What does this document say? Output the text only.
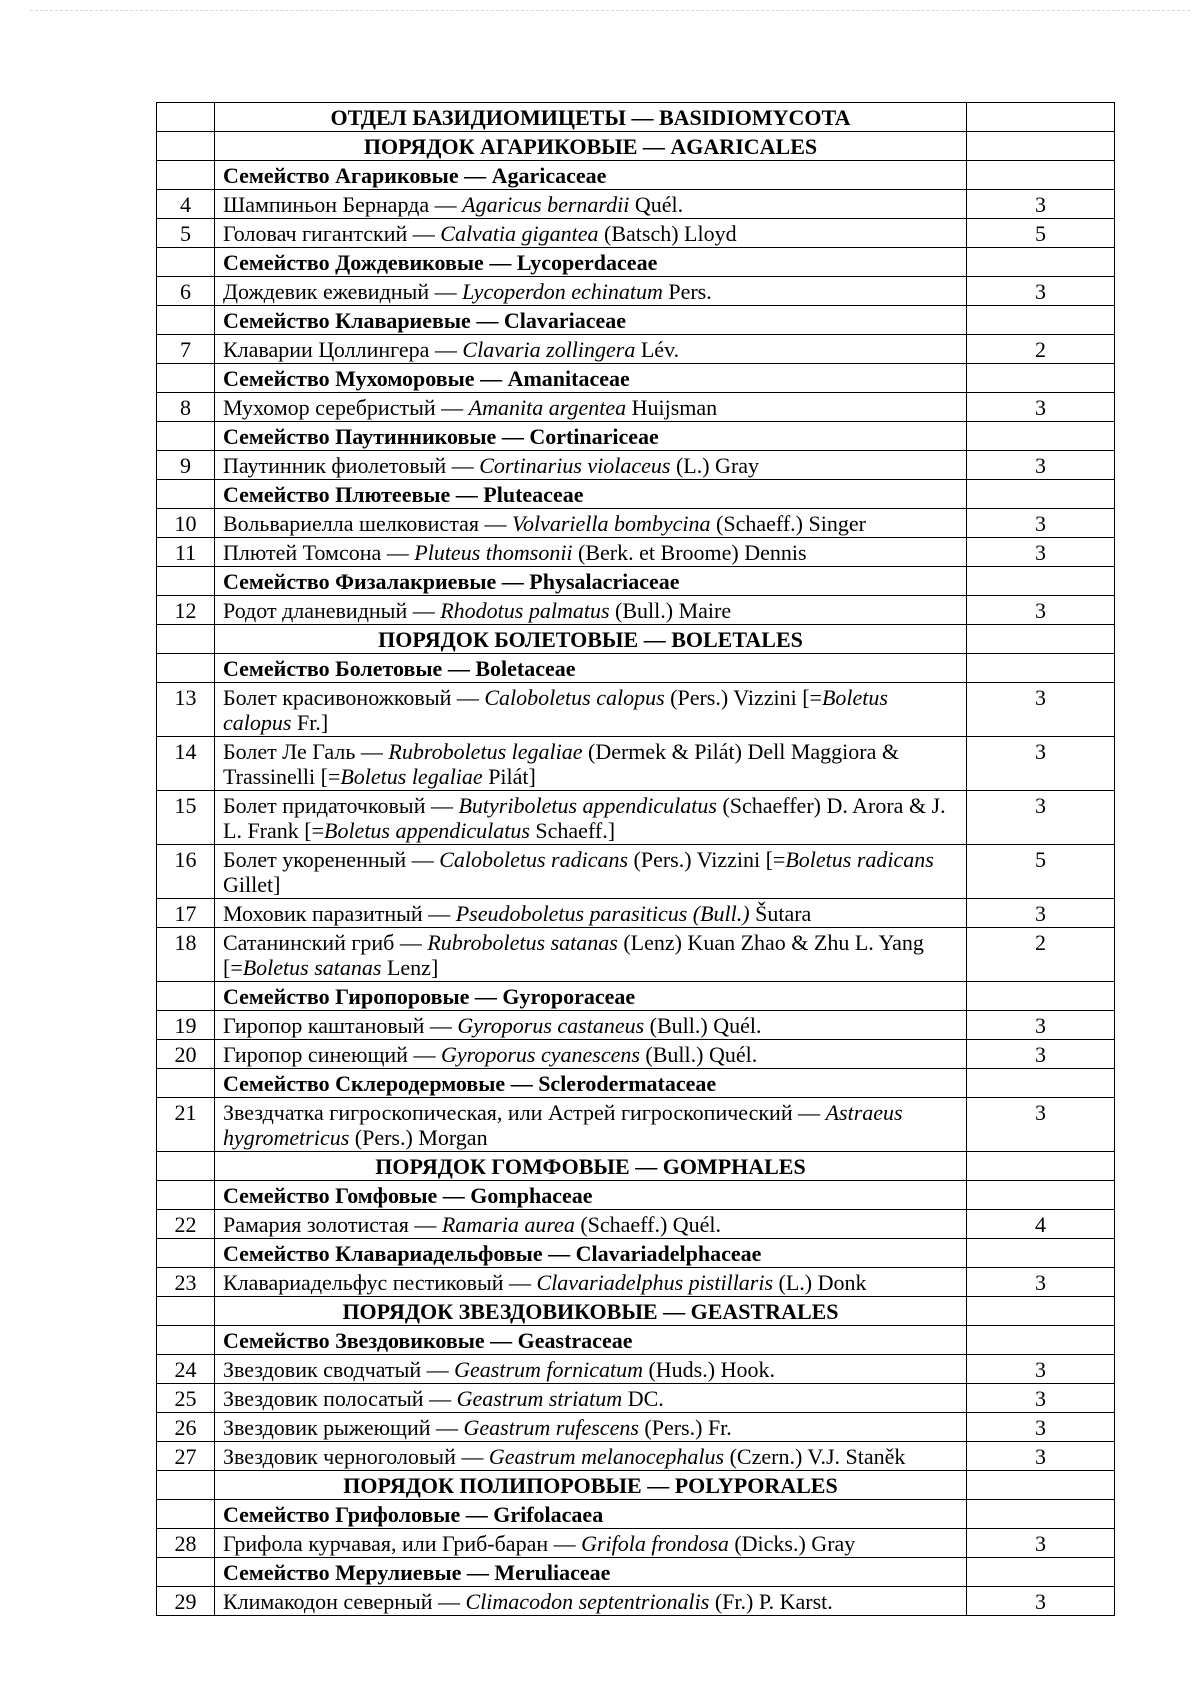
	ОТДЕЛ БАЗИДИОМИЦЕТЫ — BASIDIOMYCOTA	
	ПОРЯДОК АГАРИКОВЫЕ — AGARICALES	
	Семейство Агариковые — Agaricaceae	
4	Шампиньон Бернарда — Agaricus bernardii Quél.	3
5	Головач гигантский — Calvatia gigantea (Batsch) Lloyd	5
	Семейство Дождевиковые — Lycoperdaceae	
6	Дождевик ежевидный — Lycoperdon echinatum Pers.	3
	Семейство Клавариевые — Clavariaceae	
7	Клаварии Цоллингера — Clavaria zollingera Lév.	2
	Семейство Мухоморовые — Amanitaceae	
8	Мухомор серебристый — Amanita argentea Huijsman	3
	Семейство Паутинниковые — Cortinariceae	
9	Паутинник фиолетовый — Cortinarius violaceus (L.) Gray	3
	Семейство Плютеевые — Pluteaceae	
10	Вольвариелла шелковистая — Volvariella bombycina (Schaeff.) Singer	3
11	Плютей Томсона — Pluteus thomsonii (Berk. et Broome) Dennis	3
	Семейство Физалакриевые — Physalacriaceae	
12	Родот дланевидный — Rhodotus palmatus (Bull.) Maire	3
	ПОРЯДОК БОЛЕТОВЫЕ — BOLETALES	
	Семейство Болетовые — Boletaceae	
13	Болет красивоножковый — Caloboletus calopus (Pers.) Vizzini [=Boletus calopus Fr.]	3
14	Болет Ле Галь — Rubroboletus legaliae (Dermek & Pilát) Dell Maggiora & Trassinelli [=Boletus legaliae Pilát]	3
15	Болет придаточковый — Butyriboletus appendiculatus (Schaeffer) D. Arora & J. L. Frank [=Boletus appendiculatus Schaeff.]	3
16	Болет укорененный — Caloboletus radicans (Pers.) Vizzini [=Boletus radicans Gillet]	5
17	Моховик паразитный — Pseudoboletus parasiticus (Bull.) Šutara	3
18	Сатанинский гриб — Rubroboletus satanas (Lenz) Kuan Zhao & Zhu L. Yang [=Boletus satanas Lenz]	2
	Семейство Гиропоровые — Gyroporaceae	
19	Гиропор каштановый — Gyroporus castaneus (Bull.) Quél.	3
20	Гиропор синеющий — Gyroporus cyanescens (Bull.) Quél.	3
	Семейство Склеродермовые — Sclerodermataceae	
21	Звездчатка гигроскопическая, или Астрей гигроскопический — Astraeus hygrometricus (Pers.) Morgan	3
	ПОРЯДОК ГОМФОВЫЕ — GOMPHALES	
	Семейство Гомфовые — Gomphaceae	
22	Рамария золотистая — Ramaria aurea (Schaeff.) Quél.	4
	Семейство Клавариадельфовые — Clavariadelphaceae	
23	Клавариадельфус пестиковый — Clavariadelphus pistillaris (L.) Donk	3
	ПОРЯДОК ЗВЕЗДОВИКОВЫЕ — GEASTRALES	
	Семейство Звездовиковые — Geastraceae	
24	Звездовик сводчатый — Geastrum fornicatum (Huds.) Hook.	3
25	Звездовик полосатый — Geastrum striatum DC.	3
26	Звездовик рыжеющий — Geastrum rufescens (Pers.) Fr.	3
27	Звездовик черноголовый — Geastrum melanocephalus (Czern.) V.J. Staněk	3
	ПОРЯДОК ПОЛИПОРОВЫЕ — POLYPORALES	
	Семейство Грифоловые — Grifolacaea	
28	Грифола курчавая, или Гриб-баран — Grifola frondosa (Dicks.) Gray	3
	Семейство Мерулиевые — Meruliaceae	
29	Климакодон северный — Climacodon septentrionalis (Fr.) P. Karst.	3
